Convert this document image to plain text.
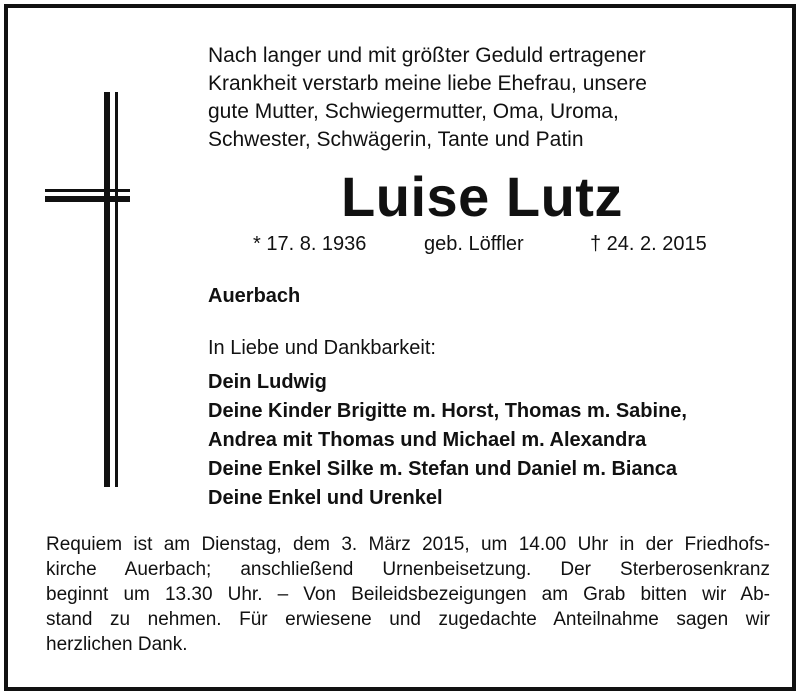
Nach langer und mit größter Geduld ertragener
Krankheit verstarb meine liebe Ehefrau, unsere
gute Mutter, Schwiegermutter, Oma, Uroma,
Schwester, Schwägerin, Tante und Patin

Luise Lutz
* 17. 8. 1936	geb. Löffler	† 24. 2. 2015

Auerbach

In Liebe und Dankbarkeit:

Dein Ludwig
Deine Kinder Brigitte m. Horst, Thomas m. Sabine,
Andrea mit Thomas und Michael m. Alexandra
Deine Enkel Silke m. Stefan und Daniel m. Bianca
Deine Enkel und Urenkel

Requiem ist am Dienstag, dem 3. März 2015, um 14.00 Uhr in der Friedhofs-
kirche Auerbach; anschließend Urnenbeisetzung. Der Sterberosenkranz
beginnt um 13.30 Uhr. – Von Beileidsbezeigungen am Grab bitten wir Ab-
stand zu nehmen. Für erwiesene und zugedachte Anteilnahme sagen wir
herzlichen Dank.
